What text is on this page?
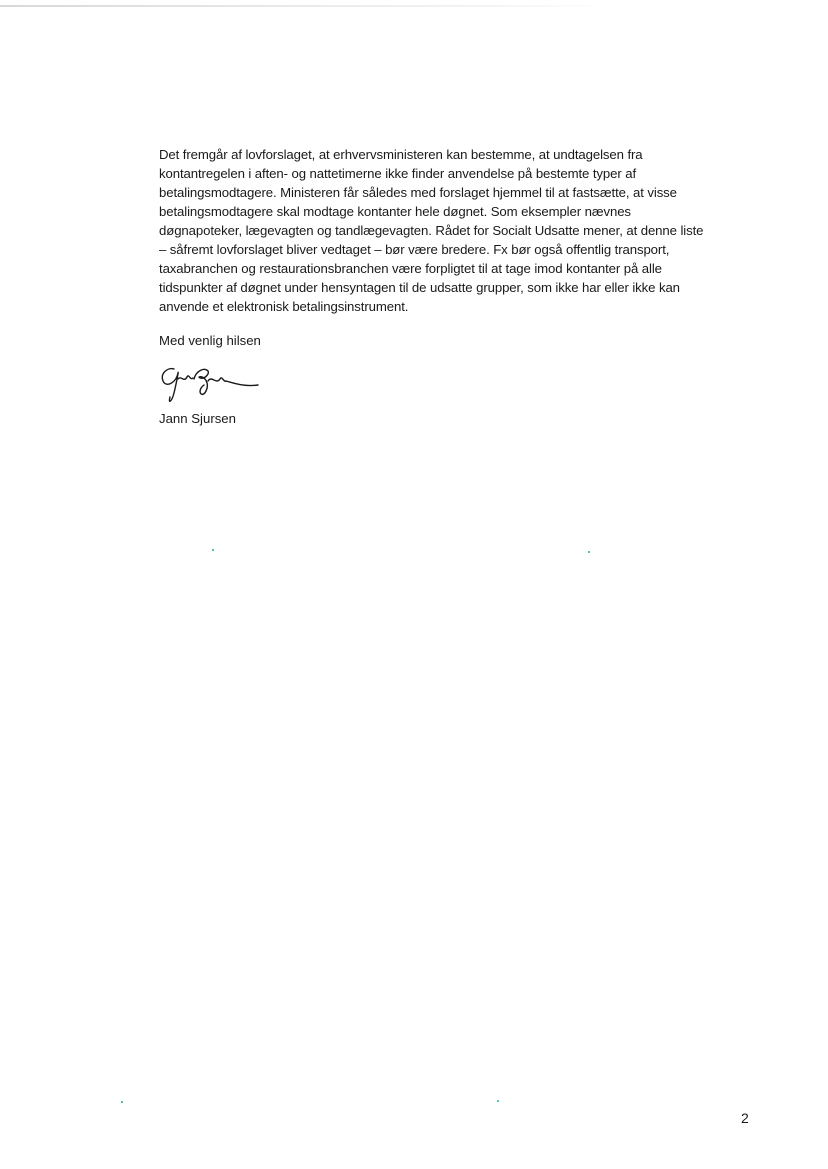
Det fremgår af lovforslaget, at erhvervsministeren kan bestemme, at undtagelsen fra
kontantregelen i aften- og nattetimerne ikke finder anvendelse på bestemte typer af
betalingsmodtagere. Ministeren får således med forslaget hjemmel til at fastsætte, at visse
betalingsmodtagere skal modtage kontanter hele døgnet. Som eksempler nævnes
døgnapoteker, lægevagten og tandlægevagten. Rådet for Socialt Udsatte mener, at denne liste
– såfremt lovforslaget bliver vedtaget – bør være bredere. Fx bør også offentlig transport,
taxabranchen og restaurationsbranchen være forpligtet til at tage imod kontanter på alle
tidspunkter af døgnet under hensyntagen til de udsatte grupper, som ikke har eller ikke kan
anvende et elektronisk betalingsinstrument.

Med venlig hilsen

Jann Sjursen

2
